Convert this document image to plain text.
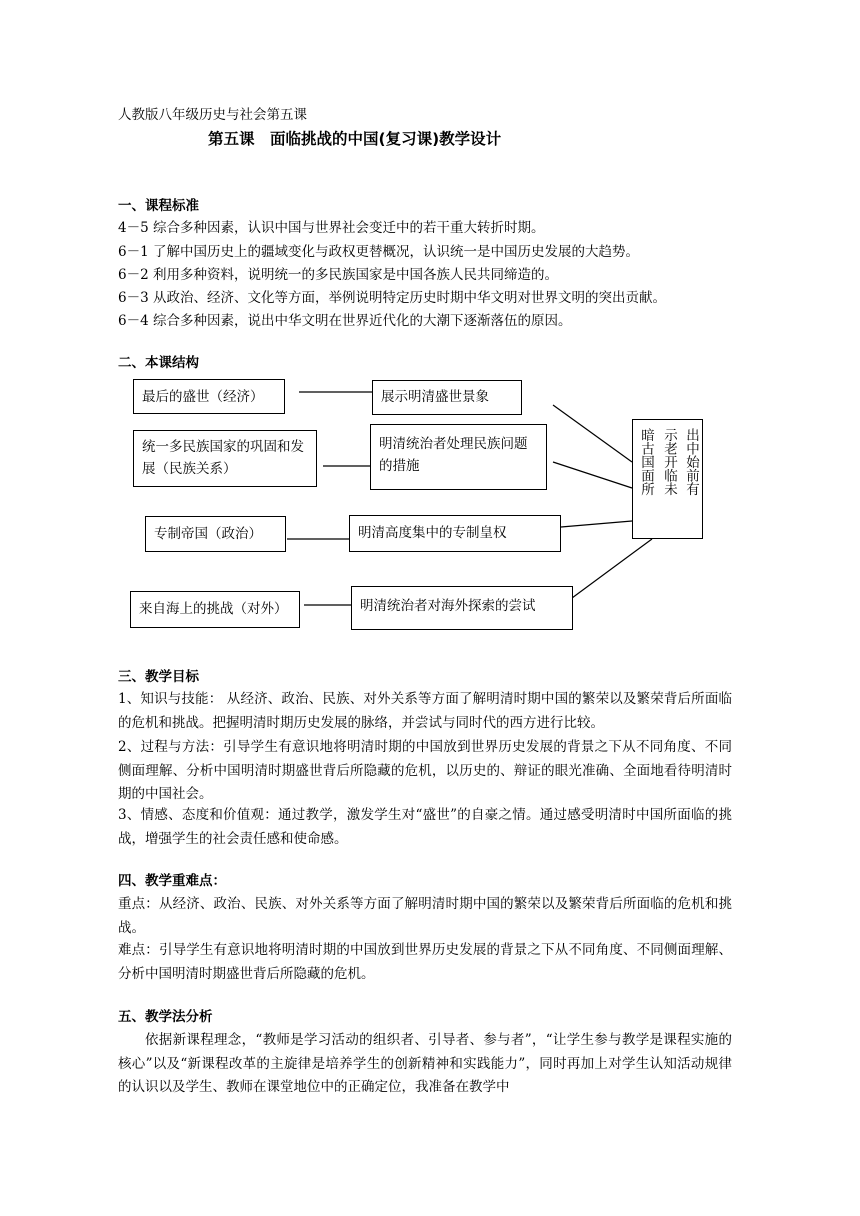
人教版八年级历史与社会第五课
第五课　面临挑战的中国(复习课)教学设计
一、课程标准
4－5 综合多种因素，认识中国与世界社会变迁中的若干重大转折时期。
6－1 了解中国历史上的疆域变化与政权更替概况，认识统一是中国历史发展的大趋势。
6－2 利用多种资料，说明统一的多民族国家是中国各族人民共同缔造的。
6－3 从政治、经济、文化等方面，举例说明特定历史时期中华文明对世界文明的突出贡献。
6－4 综合多种因素，说出中华文明在世界近代化的大潮下逐渐落伍的原因。
二、本课结构
最后的盛世（经济）
统一多民族国家的巩固和发展（民族关系）
专制帝国（政治）
来自海上的挑战（对外）
展示明清盛世景象
明清统治者处理民族问题的措施
明清高度集中的专制皇权
明清统治者对海外探索的尝试
暗古国面所 示老开临未 出中始前有
三、教学目标
1、知识与技能： 从经济、政治、民族、对外关系等方面了解明清时期中国的繁荣以及繁荣背后所面临的危机和挑战。把握明清时期历史发展的脉络，并尝试与同时代的西方进行比较。
2、过程与方法：引导学生有意识地将明清时期的中国放到世界历史发展的背景之下从不同角度、不同侧面理解、分析中国明清时期盛世背后所隐藏的危机，以历史的、辩证的眼光准确、全面地看待明清时期的中国社会。
3、情感、态度和价值观：通过教学，激发学生对“盛世”的自豪之情。通过感受明清时中国所面临的挑战，增强学生的社会责任感和使命感。
四、教学重难点：
重点：从经济、政治、民族、对外关系等方面了解明清时期中国的繁荣以及繁荣背后所面临的危机和挑战。
难点：引导学生有意识地将明清时期的中国放到世界历史发展的背景之下从不同角度、不同侧面理解、分析中国明清时期盛世背后所隐藏的危机。
五、教学法分析
依据新课程理念，“教师是学习活动的组织者、引导者、参与者”，“让学生参与教学是课程实施的核心”以及“新课程改革的主旋律是培养学生的创新精神和实践能力”，同时再加上对学生认知活动规律的认识以及学生、教师在课堂地位中的正确定位，我准备在教学中
